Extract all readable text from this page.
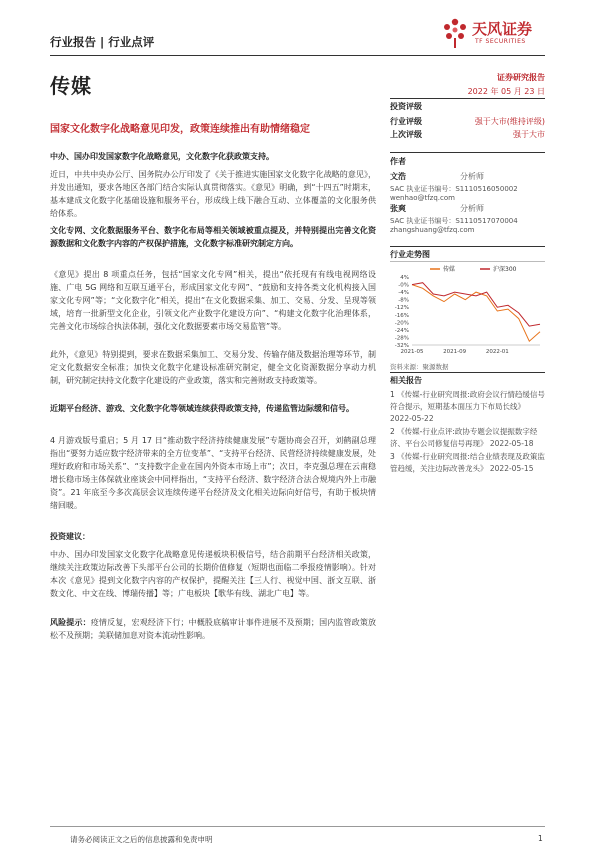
行业报告 | 行业点评
传媒
天风证券
TF SECURITIES
证券研究报告
2022 年 05 月 23 日
投资评级
行业评级	强于大市(维持评级)
上次评级	强于大市
作者
文浩	分析师
SAC 执业证书编号：S1110516050002
wenhao@tfzq.com
张爽	分析师
SAC 执业证书编号：S1110517070004
zhangshuang@tfzq.com
行业走势图
4%
-0%
-4%
-8%
-12%
-16%
-20%
-24%
-28%
-32%
2021-05	2021-09	2022-01
传媒	沪深300
资料来源：聚源数据
相关报告
1 《传媒-行业研究周报:政府会议行情趋缓信号符合提示，短期基本面压力下布局长线》 2022-05-22
2 《传媒-行业点评:政协专题会议提振数字经济、平台公司修复信号再现》 2022-05-18
3 《传媒-行业研究周报:结合业绩表现及政策监管趋缓，关注边际改善龙头》 2022-05-15
国家文化数字化战略意见印发，政策连续推出有助情绪稳定
中办、国办印发国家数字化战略意见，文化数字化获政策支持。
近日，中共中央办公厅、国务院办公厅印发了《关于推进实施国家文化数字化战略的意见》，并发出通知，要求各地区各部门结合实际认真贯彻落实。《意见》明确，到“十四五”时期末，基本建成文化数字化基础设施和服务平台，形成线上线下融合互动、立体覆盖的文化服务供给体系。
文化专网、文化数据服务平台、数字化布局等相关领域被重点提及，并特别提出完善文化资源数据和文化数字内容的产权保护措施，文化数字标准研究制定方向。
《意见》提出 8 项重点任务，包括“国家文化专网”相关，提出“依托现有有线电视网络设施、广电 5G 网络和互联互通平台，形成国家文化专网”、“鼓励和支持各类文化机构接入国家文化专网”等；“文化数字化”相关，提出“在文化数据采集、加工、交易、分发、呈现等领域，培育一批新型文化企业，引领文化产业数字化建设方向”、“构建文化数字化治理体系，完善文化市场综合执法体制，强化文化数据要素市场交易监管”等。
此外，《意见》特别提到，要求在数据采集加工、交易分发、传输存储及数据治理等环节，制定文化数据安全标准；加快文化数字化建设标准研究制定，健全文化资源数据分享动力机制，研究制定扶持文化数字化建设的产业政策，落实和完善财政支持政策等。
近期平台经济、游戏、文化数字化等领域连续获得政策支持，传递监管边际缓和信号。
4 月游戏版号重启；5 月 17 日“推动数字经济持续健康发展”专题协商会召开，刘鹤副总理指出“要努力适应数字经济带来的全方位变革”、“支持平台经济、民营经济持续健康发展，处理好政府和市场关系”、“支持数字企业在国内外资本市场上市”；次日，李克强总理在云南稳增长稳市场主体保就业座谈会中同样指出，“支持平台经济、数字经济合法合规境内外上市融资”。21 年底至今多次高层会议连续传递平台经济及文化相关边际向好信号，有助于板块情绪回暖。
投资建议：
中办、国办印发国家文化数字化战略意见传递板块积极信号，结合前期平台经济相关政策，继续关注政策边际改善下头部平台公司的长期价值修复（短期也面临二季报疫情影响）。针对本次《意见》提到文化数字内容的产权保护，提醒关注【三人行、视觉中国、浙文互联、浙数文化、中文在线、博瑞传播】等；广电板块【歌华有线、湖北广电】等。
风险提示：疫情反复，宏观经济下行；中概股底稿审计事件进展不及预期；国内监管政策放松不及预期；美联储加息对资本流动性影响。
请务必阅读正文之后的信息披露和免责申明	1
